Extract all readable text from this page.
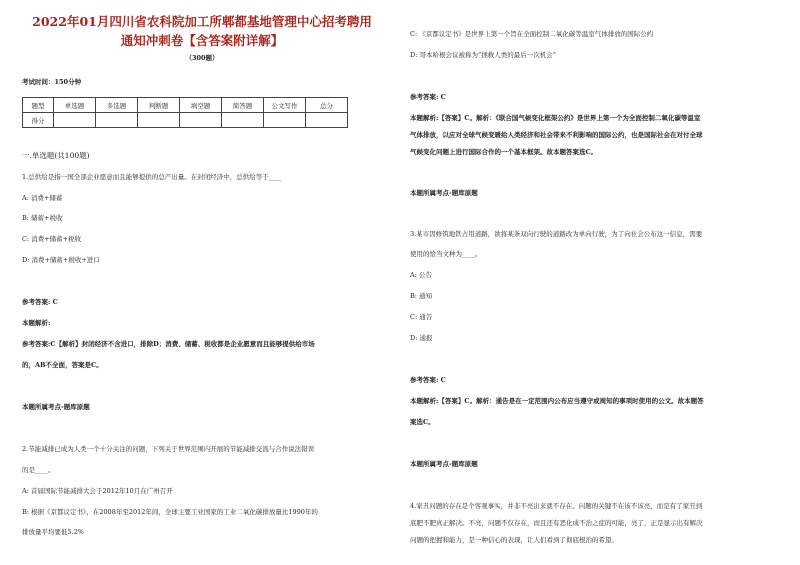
2022年01月四川省农科院加工所郫都基地管理中心招考聘用
通知冲刺卷【含答案附详解】
（300题）
考试时间：150分钟
题型	单选题	多选题	判断题	填空题	简答题	公文写作	总分
得分							
一.单选题(共100题)
1.总供给是指一国全部企业愿意而且能够提供的总产出量。在封闭经济中，总供给等于____
A: 消费+储蓄
B: 储蓄+税收
C: 消费+储蓄+税收
D: 消费+储蓄+税收+进口
参考答案: C
本题解析:
参考答案:C【解析】封闭经济不含进口，排除D；消费、储蓄、税收都是企业愿意而且能够提供给市场
的，AB不全面，答案是C。
本题所属考点-题库原题
2.节能减排已成为人类一个十分关注的问题，下列关于世界范围内开展的节能减排交流与合作说法错误
的是____。
A: 首届国际节能减排大会于2012年10月在广州召开
B: 根据《京都议定书》，在2008年至2012年间，全球主要工业国家的工业二氧化碳排放量比1990年的
排放量平均要低5.2%
C: 《京都议定书》是世界上第一个旨在全面控制二氧化碳等温室气体排放的国际公约
D: 哥本哈根会议被称为“拯救人类的最后一次机会”
参考答案: C
本题解析:【答案】C。解析：《联合国气候变化框架公约》是世界上第一个为全面控制二氧化碳等温室
气体排放，以应对全球气候变暖给人类经济和社会带来不利影响的国际公约，也是国际社会在对付全球
气候变化问题上进行国际合作的一个基本框架。故本题答案选C。
本题所属考点-题库原题
3.某市因修筑地铁占用道路，欲将某条双向行驶的道路改为单向行驶，为了向社会公布这一信息，需要
使用的恰当文种为____。
A: 公告
B: 通知
C: 通告
D: 通报
参考答案: C
本题解析:【答案】C。解析：通告是在一定范围内公布应当遵守或周知的事项时使用的公文。故本题答
案选C。
本题所属考点-题库原题
4.家丑问题的存在是个客观事实，并非不亮出来就不存在。问题的关键不在该不该亮，而是有了家丑到
底肥不肥真正解决。不亮，问题不仅存在，而且还有恶化成不治之症的可能，亮了，正是显示出有解决
问题的把握和能力，是一种信心的表现，让人们看到了彻底根治的希望。
